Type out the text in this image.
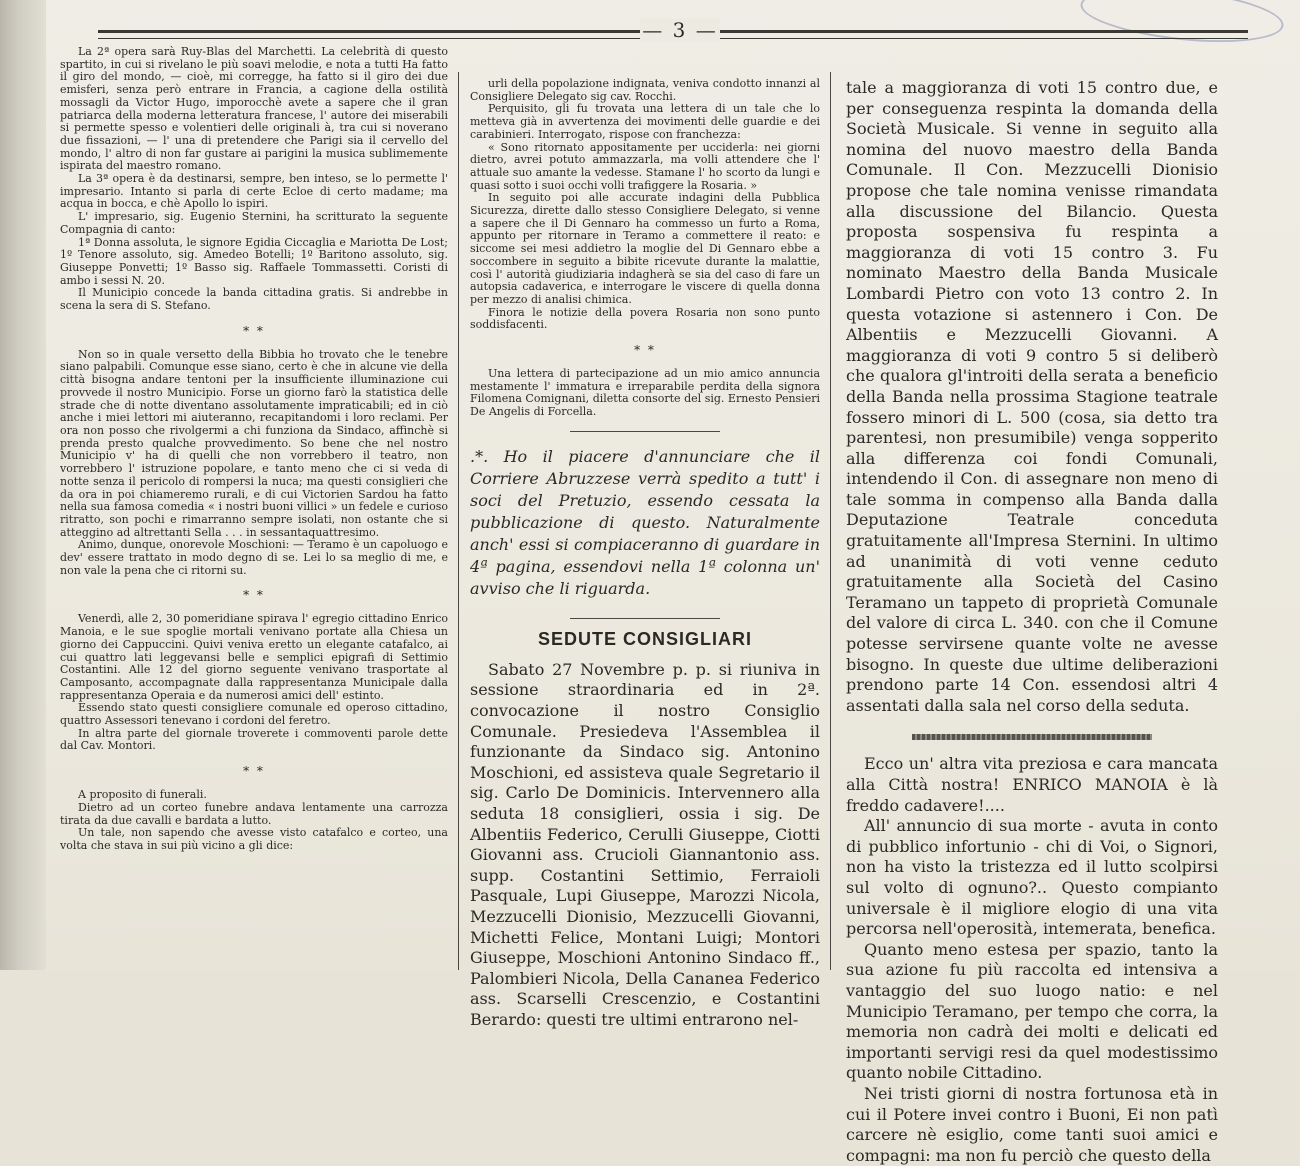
— 3 —

La 2ª opera sarà Ruy-Blas del Marchetti. La celebrità di questo spartito, in cui si rivelano le più soavi melodie, e nota a tutti Ha fatto il giro del mondo, — cioè, mi corregge, ha fatto si il giro dei due emisferi, senza però entrare in Francia, a cagione della ostilità mossagli da Victor Hugo, imporocchè avete a sapere che il gran patriarca della moderna letteratura francese, l' autore dei miserabili si permette spesso e volentieri delle originali à, tra cui si noverano due fissazioni, — l' una di pretendere che Parigi sia il cervello del mondo, l' altro di non far gustare ai parigini la musica sublimemente ispirata del maestro romano.

La 3ª opera è da destinarsi, sempre, ben inteso, se lo permette l' impresario. Intanto si parla di certe Ecloe di certo madame; ma acqua in bocca, e chè Apollo lo ispiri.

L' impresario, sig. Eugenio Sternini, ha scritturato la seguente Compagnia di canto:

1ª Donna assoluta, le signore Egidia Ciccaglia e Mariotta De Lost; 1º Tenore assoluto, sig. Amedeo Botelli; 1º Baritono assoluto, sig. Giuseppe Ponvetti; 1º Basso sig. Raffaele Tommassetti. Coristi di ambo i sessi N. 20.

Il Municipio concede la banda cittadina gratis. Si andrebbe in scena la sera di S. Stefano.

* *

Non so in quale versetto della Bibbia ho trovato che le tenebre siano palpabili. Comunque esse siano, certo è che in alcune vie della città bisogna andare tentoni per la insufficiente illuminazione cui provvede il nostro Municipio. Forse un giorno farò la statistica delle strade che di notte diventano assolutamente impraticabili; ed in ciò anche i miei lettori mi aiuteranno, recapitandomi i loro reclami. Per ora non posso che rivolgermi a chi funziona da Sindaco, affinchè si prenda presto qualche provvedimento. So bene che nel nostro Municipio v' ha di quelli che non vorrebbero il teatro, non vorrebbero l' istruzione popolare, e tanto meno che ci si veda di notte senza il pericolo di rompersi la nuca; ma questi consiglieri che da ora in poi chiameremo rurali, e di cui Victorien Sardou ha fatto nella sua famosa comedia « i nostri buoni villici » un fedele e curioso ritratto, son pochi e rimarranno sempre isolati, non ostante che si atteggino ad altrettanti Sella . . . in sessantaquattresimo.

Animo, dunque, onorevole Moschioni: — Teramo è un capoluogo e dev' essere trattato in modo degno di se. Lei lo sa meglio di me, e non vale la pena che ci ritorni su.

* *

Venerdì, alle 2, 30 pomeridiane spirava l' egregio cittadino Enrico Manoia, e le sue spoglie mortali venivano portate alla Chiesa un giorno dei Cappuccini. Quivi veniva eretto un elegante catafalco, ai cui quattro lati leggevansi belle e semplici epigrafi di Settimio Costantini. Alle 12 del giorno seguente venivano trasportate al Camposanto, accompagnate dalla rappresentanza Municipale dalla rappresentanza Operaia e da numerosi amici dell' estinto.

Essendo stato questi consigliere comunale ed operoso cittadino, quattro Assessori tenevano i cordoni del feretro.

In altra parte del giornale troverete i commoventi parole dette dal Cav. Montori.

* *

A proposito di funerali.

Dietro ad un corteo funebre andava lentamente una carrozza tirata da due cavalli e bardata a lutto.

Un tale, non sapendo che avesse visto catafalco e corteo, una volta che stava in sui più vicino a gli dice:

urli della popolazione indignata, veniva condotto innanzi al Consigliere Delegato sig cav. Rocchi.

Perquisito, gli fu trovata una lettera di un tale che lo metteva già in avvertenza dei movimenti delle guardie e dei carabinieri. Interrogato, rispose con franchezza:

« Sono ritornato appositamente per ucciderla: nei giorni dietro, avrei potuto ammazzarla, ma volli attendere che l' attuale suo amante la vedesse. Stamane l' ho scorto da lungi e quasi sotto i suoi occhi volli trafiggere la Rosaria. »

In seguito poi alle accurate indagini della Pubblica Sicurezza, dirette dallo stesso Consigliere Delegato, si venne a sapere che il Di Gennaro ha commesso un furto a Roma, appunto per ritornare in Teramo a commettere il reato: e siccome sei mesi addietro la moglie del Di Gennaro ebbe a soccombere in seguito a bibite ricevute durante la malattie, così l' autorità giudiziaria indagherà se sia del caso di fare un autopsia cadaverica, e interrogare le viscere di quella donna per mezzo di analisi chimica.

Finora le notizie della povera Rosaria non sono punto soddisfacenti.

* *

Una lettera di partecipazione ad un mio amico annuncia mestamente l' immatura e irreparabile perdita della signora Filomena Comignani, diletta consorte del sig. Ernesto Pensieri De Angelis di Forcella.

.*. Ho il piacere d'annunciare che il Corriere Abruzzese verrà spedito a tutt' i soci del Pretuzio, essendo cessata la pubblicazione di questo. Naturalmente anch' essi si compiaceranno di guardare in 4ª pagina, essendovi nella 1ª colonna un' avviso che li riguarda.
SEDUTE CONSIGLIARI

Sabato 27 Novembre p. p. si riuniva in sessione straordinaria ed in 2ª. convocazione il nostro Consiglio Comunale. Presiedeva l'Assemblea il funzionante da Sindaco sig. Antonino Moschioni, ed assisteva quale Segretario il sig. Carlo De Dominicis. Intervennero alla seduta 18 consiglieri, ossia i sig. De Albentiis Federico, Cerulli Giuseppe, Ciotti Giovanni ass. Crucioli Giannantonio ass. supp. Costantini Settimio, Ferraioli Pasquale, Lupi Giuseppe, Marozzi Nicola, Mezzucelli Dionisio, Mezzucelli Giovanni, Michetti Felice, Montani Luigi; Montori Giuseppe, Moschioni Antonino Sindaco ff., Palombieri Nicola, Della Cananea Federico ass. Scarselli Crescenzio, e Costantini Berardo: questi tre ultimi entrarono nel-

tale a maggioranza di voti 15 contro due, e per conseguenza respinta la domanda della Società Musicale. Si venne in seguito alla nomina del nuovo maestro della Banda Comunale. Il Con. Mezzucelli Dionisio propose che tale nomina venisse rimandata alla discussione del Bilancio. Questa proposta sospensiva fu respinta a maggioranza di voti 15 contro 3. Fu nominato Maestro della Banda Musicale Lombardi Pietro con voto 13 contro 2. In questa votazione si astennero i Con. De Albentiis e Mezzucelli Giovanni. A maggioranza di voti 9 contro 5 si deliberò che qualora gl'introiti della serata a beneficio della Banda nella prossima Stagione teatrale fossero minori di L. 500 (cosa, sia detto tra parentesi, non presumibile) venga sopperito alla differenza coi fondi Comunali, intendendo il Con. di assegnare non meno di tale somma in compenso alla Banda dalla Deputazione Teatrale conceduta gratuitamente all'Impresa Sternini. In ultimo ad unanimità di voti venne ceduto gratuitamente alla Società del Casino Teramano un tappeto di proprietà Comunale del valore di circa L. 340. con che il Comune potesse servirsene quante volte ne avesse bisogno. In queste due ultime deliberazioni prendono parte 14 Con. essendosi altri 4 assentati dalla sala nel corso della seduta.

Ecco un' altra vita preziosa e cara mancata alla Città nostra! ENRICO MANOIA è là freddo cadavere!....

All' annuncio di sua morte - avuta in conto di pubblico infortunio - chi di Voi, o Signori, non ha visto la tristezza ed il lutto scolpirsi sul volto di ognuno?.. Questo compianto universale è il migliore elogio di una vita percorsa nell'operosità, intemerata, benefica.

Quanto meno estesa per spazio, tanto la sua azione fu più raccolta ed intensiva a vantaggio del suo luogo natio: e nel Municipio Teramano, per tempo che corra, la memoria non cadrà dei molti e delicati ed importanti servigi resi da quel modestissimo quanto nobile Cittadino.

Nei tristi giorni di nostra fortunosa età in cui il Potere invei contro i Buoni, Ei non patì carcere nè esiglio, come tanti suoi amici e compagni: ma non fu perciò che questo della
